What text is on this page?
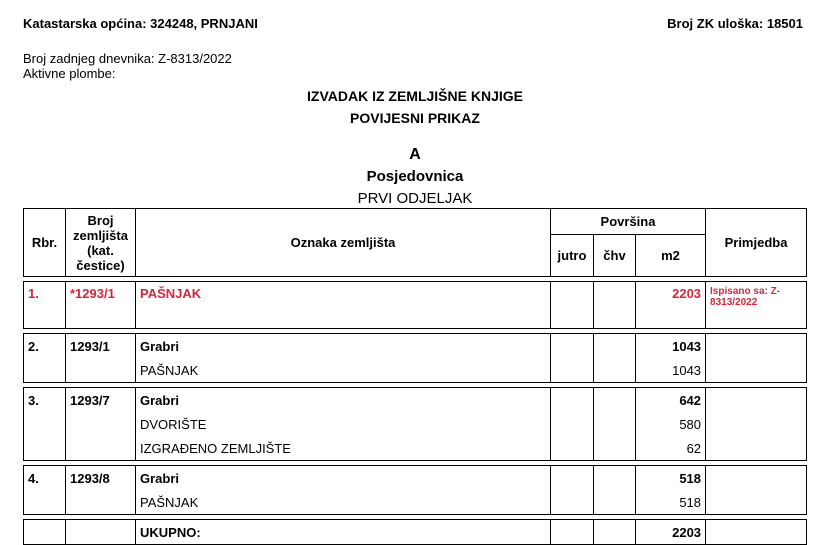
Katastarska općina: 324248, PRNJANI	Broj ZK uloška: 18501
Broj zadnjeg dnevnika: Z-8313/2022
Aktivne plombe:
IZVADAK IZ ZEMLJIŠNE KNJIGE
POVIJESNI PRIKAZ
A
Posjedovnica
PRVI ODJELJAK
Rbr.	Broj zemljišta (kat. čestice)	Oznaka zemljišta	Površina			Primjedba
			jutro	čhv	m2	

1.	*1293/1	PAŠNJAK			2203	Ispisano sa: Z-8313/2022

2.	1293/1	Grabri			1043	
		PAŠNJAK			1043	

3.	1293/7	Grabri			642	
		DVORIŠTE			580	
		IZGRAĐENO ZEMLJIŠTE			62	

4.	1293/8	Grabri			518	
		PAŠNJAK			518	

		UKUPNO:			2203	
